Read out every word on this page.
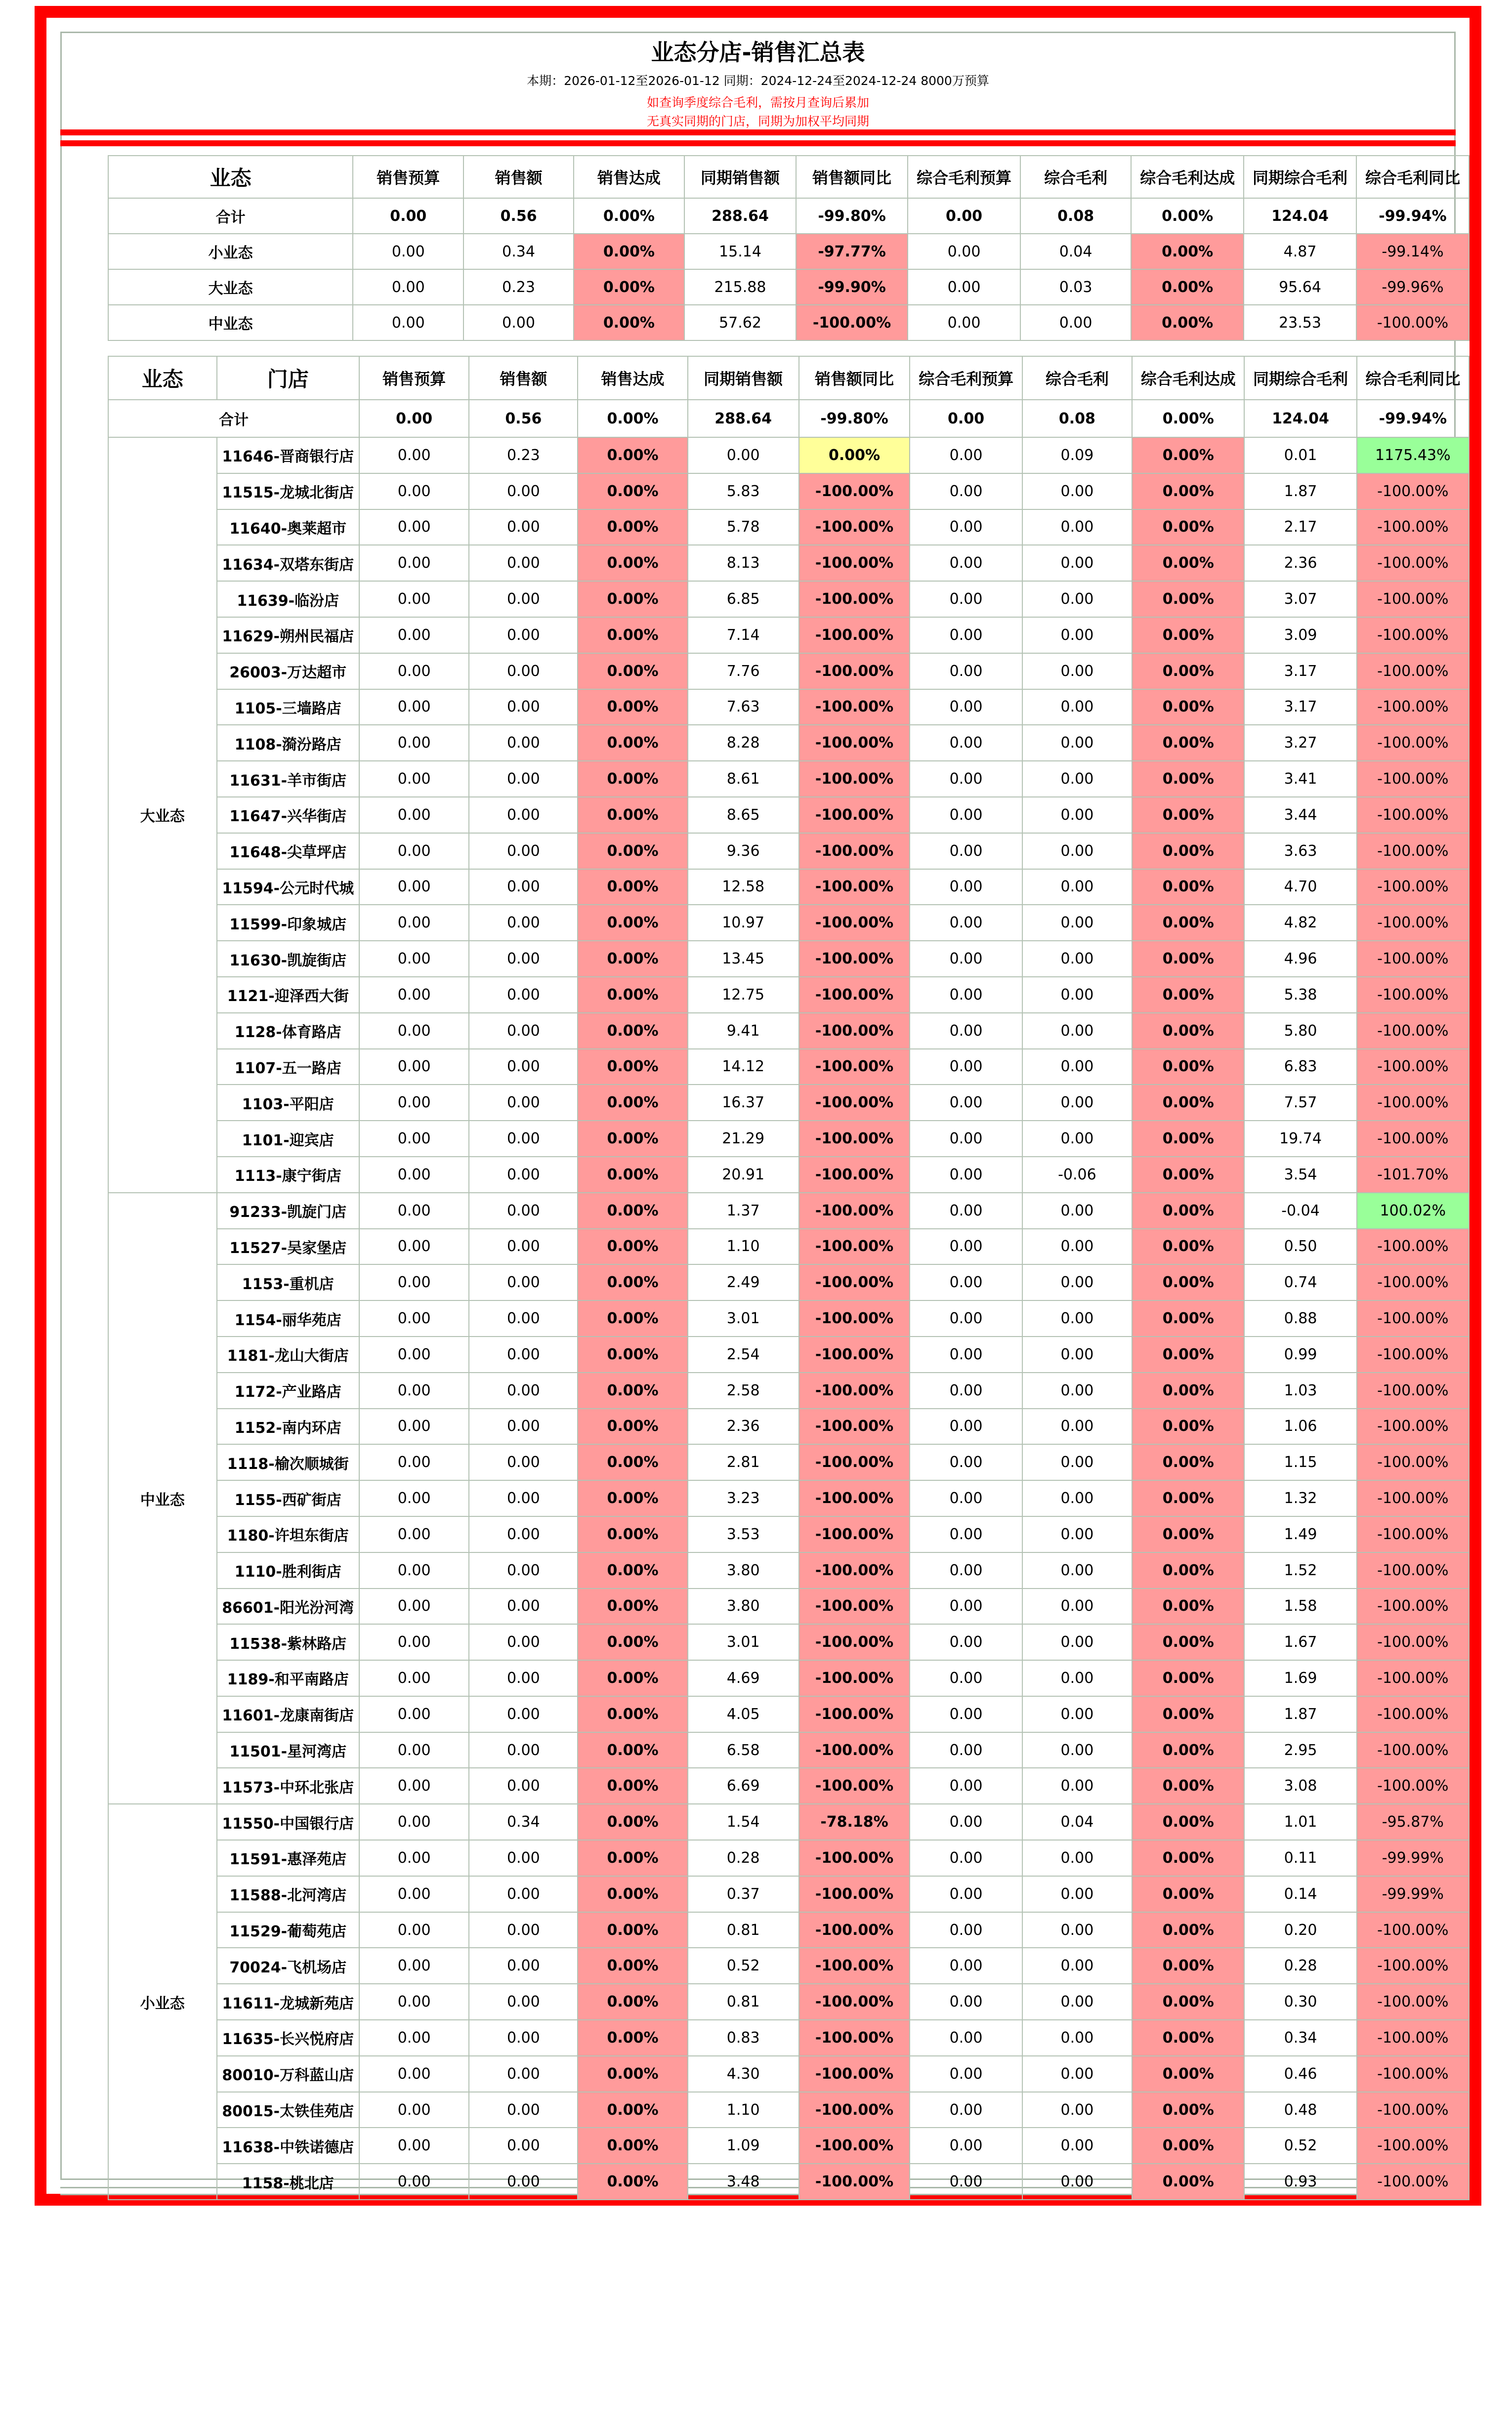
业态分店-销售汇总表
本期：2026-01-12至2026-01-12 同期：2024-12-24至2024-12-24 8000万预算
如查询季度综合毛利，需按月查询后累加
无真实同期的门店，同期为加权平均同期
业态	销售预算	销售额	销售达成	同期销售额	销售额同比	综合毛利预算	综合毛利	综合毛利达成	同期综合毛利	综合毛利同比
合计	0.00	0.56	0.00%	288.64	-99.80%	0.00	0.08	0.00%	124.04	-99.94%
小业态	0.00	0.34	0.00%	15.14	-97.77%	0.00	0.04	0.00%	4.87	-99.14%
大业态	0.00	0.23	0.00%	215.88	-99.90%	0.00	0.03	0.00%	95.64	-99.96%
中业态	0.00	0.00	0.00%	57.62	-100.00%	0.00	0.00	0.00%	23.53	-100.00%
业态	门店	销售预算	销售额	销售达成	同期销售额	销售额同比	综合毛利预算	综合毛利	综合毛利达成	同期综合毛利	综合毛利同比
合计		0.00	0.56	0.00%	288.64	-99.80%	0.00	0.08	0.00%	124.04	-99.94%
大业态	11646-晋商银行店	0.00	0.23	0.00%	0.00	0.00%	0.00	0.09	0.00%	0.01	1175.43%
	11515-龙城北街店	0.00	0.00	0.00%	5.83	-100.00%	0.00	0.00	0.00%	1.87	-100.00%
	11640-奥莱超市	0.00	0.00	0.00%	5.78	-100.00%	0.00	0.00	0.00%	2.17	-100.00%
	11634-双塔东街店	0.00	0.00	0.00%	8.13	-100.00%	0.00	0.00	0.00%	2.36	-100.00%
	11639-临汾店	0.00	0.00	0.00%	6.85	-100.00%	0.00	0.00	0.00%	3.07	-100.00%
	11629-朔州民福店	0.00	0.00	0.00%	7.14	-100.00%	0.00	0.00	0.00%	3.09	-100.00%
	26003-万达超市	0.00	0.00	0.00%	7.76	-100.00%	0.00	0.00	0.00%	3.17	-100.00%
	1105-三墙路店	0.00	0.00	0.00%	7.63	-100.00%	0.00	0.00	0.00%	3.17	-100.00%
	1108-漪汾路店	0.00	0.00	0.00%	8.28	-100.00%	0.00	0.00	0.00%	3.27	-100.00%
	11631-羊市街店	0.00	0.00	0.00%	8.61	-100.00%	0.00	0.00	0.00%	3.41	-100.00%
	11647-兴华街店	0.00	0.00	0.00%	8.65	-100.00%	0.00	0.00	0.00%	3.44	-100.00%
	11648-尖草坪店	0.00	0.00	0.00%	9.36	-100.00%	0.00	0.00	0.00%	3.63	-100.00%
	11594-公元时代城	0.00	0.00	0.00%	12.58	-100.00%	0.00	0.00	0.00%	4.70	-100.00%
	11599-印象城店	0.00	0.00	0.00%	10.97	-100.00%	0.00	0.00	0.00%	4.82	-100.00%
	11630-凯旋街店	0.00	0.00	0.00%	13.45	-100.00%	0.00	0.00	0.00%	4.96	-100.00%
	1121-迎泽西大街	0.00	0.00	0.00%	12.75	-100.00%	0.00	0.00	0.00%	5.38	-100.00%
	1128-体育路店	0.00	0.00	0.00%	9.41	-100.00%	0.00	0.00	0.00%	5.80	-100.00%
	1107-五一路店	0.00	0.00	0.00%	14.12	-100.00%	0.00	0.00	0.00%	6.83	-100.00%
	1103-平阳店	0.00	0.00	0.00%	16.37	-100.00%	0.00	0.00	0.00%	7.57	-100.00%
	1101-迎宾店	0.00	0.00	0.00%	21.29	-100.00%	0.00	0.00	0.00%	19.74	-100.00%
	1113-康宁街店	0.00	0.00	0.00%	20.91	-100.00%	0.00	-0.06	0.00%	3.54	-101.70%
中业态	91233-凯旋门店	0.00	0.00	0.00%	1.37	-100.00%	0.00	0.00	0.00%	-0.04	100.02%
	11527-吴家堡店	0.00	0.00	0.00%	1.10	-100.00%	0.00	0.00	0.00%	0.50	-100.00%
	1153-重机店	0.00	0.00	0.00%	2.49	-100.00%	0.00	0.00	0.00%	0.74	-100.00%
	1154-丽华苑店	0.00	0.00	0.00%	3.01	-100.00%	0.00	0.00	0.00%	0.88	-100.00%
	1181-龙山大街店	0.00	0.00	0.00%	2.54	-100.00%	0.00	0.00	0.00%	0.99	-100.00%
	1172-产业路店	0.00	0.00	0.00%	2.58	-100.00%	0.00	0.00	0.00%	1.03	-100.00%
	1152-南内环店	0.00	0.00	0.00%	2.36	-100.00%	0.00	0.00	0.00%	1.06	-100.00%
	1118-榆次顺城街	0.00	0.00	0.00%	2.81	-100.00%	0.00	0.00	0.00%	1.15	-100.00%
	1155-西矿街店	0.00	0.00	0.00%	3.23	-100.00%	0.00	0.00	0.00%	1.32	-100.00%
	1180-许坦东街店	0.00	0.00	0.00%	3.53	-100.00%	0.00	0.00	0.00%	1.49	-100.00%
	1110-胜利街店	0.00	0.00	0.00%	3.80	-100.00%	0.00	0.00	0.00%	1.52	-100.00%
	86601-阳光汾河湾	0.00	0.00	0.00%	3.80	-100.00%	0.00	0.00	0.00%	1.58	-100.00%
	11538-紫林路店	0.00	0.00	0.00%	3.01	-100.00%	0.00	0.00	0.00%	1.67	-100.00%
	1189-和平南路店	0.00	0.00	0.00%	4.69	-100.00%	0.00	0.00	0.00%	1.69	-100.00%
	11601-龙康南街店	0.00	0.00	0.00%	4.05	-100.00%	0.00	0.00	0.00%	1.87	-100.00%
	11501-星河湾店	0.00	0.00	0.00%	6.58	-100.00%	0.00	0.00	0.00%	2.95	-100.00%
	11573-中环北张店	0.00	0.00	0.00%	6.69	-100.00%	0.00	0.00	0.00%	3.08	-100.00%
小业态	11550-中国银行店	0.00	0.34	0.00%	1.54	-78.18%	0.00	0.04	0.00%	1.01	-95.87%
	11591-惠泽苑店	0.00	0.00	0.00%	0.28	-100.00%	0.00	0.00	0.00%	0.11	-99.99%
	11588-北河湾店	0.00	0.00	0.00%	0.37	-100.00%	0.00	0.00	0.00%	0.14	-99.99%
	11529-葡萄苑店	0.00	0.00	0.00%	0.81	-100.00%	0.00	0.00	0.00%	0.20	-100.00%
	70024-飞机场店	0.00	0.00	0.00%	0.52	-100.00%	0.00	0.00	0.00%	0.28	-100.00%
	11611-龙城新苑店	0.00	0.00	0.00%	0.81	-100.00%	0.00	0.00	0.00%	0.30	-100.00%
	11635-长兴悦府店	0.00	0.00	0.00%	0.83	-100.00%	0.00	0.00	0.00%	0.34	-100.00%
	80010-万科蓝山店	0.00	0.00	0.00%	4.30	-100.00%	0.00	0.00	0.00%	0.46	-100.00%
	80015-太铁佳苑店	0.00	0.00	0.00%	1.10	-100.00%	0.00	0.00	0.00%	0.48	-100.00%
	11638-中铁诺德店	0.00	0.00	0.00%	1.09	-100.00%	0.00	0.00	0.00%	0.52	-100.00%
	1158-桃北店	0.00	0.00	0.00%	3.48	-100.00%	0.00	0.00	0.00%	0.93	-100.00%
